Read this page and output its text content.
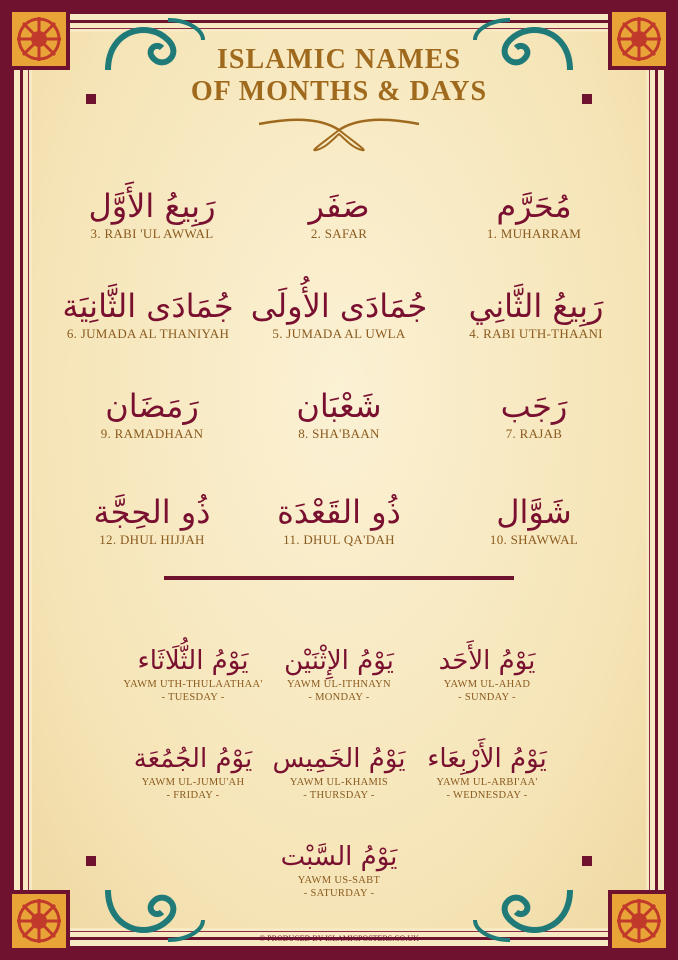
ISLAMIC NAMES
OF MONTHS & DAYS
رَبِيعُ الأَوَّل
3. RABI 'UL AWWAL
صَفَر
2. SAFAR
مُحَرَّم
1. MUHARRAM
جُمَادَى الثَّانِيَة
6. JUMADA AL THANIYAH
جُمَادَى الأُولَى
5. JUMADA AL UWLA
رَبِيعُ الثَّانِي
4. RABI UTH-THAANI
رَمَضَان
9. RAMADHAAN
شَعْبَان
8. SHA'BAAN
رَجَب
7. RAJAB
ذُو الحِجَّة
12. DHUL HIJJAH
ذُو القَعْدَة
11. DHUL QA'DAH
شَوَّال
10. SHAWWAL
يَوْمُ الثُّلَاثَاء
YAWM UTH-THULAATHAA'
- TUESDAY -
يَوْمُ الإِثْنَيْن
YAWM UL-ITHNAYN
- MONDAY -
يَوْمُ الأَحَد
YAWM UL-AHAD
- SUNDAY -
يَوْمُ الجُمُعَة
YAWM UL-JUMU'AH
- FRIDAY -
يَوْمُ الخَمِيس
YAWM UL-KHAMIS
- THURSDAY -
يَوْمُ الأَرْبِعَاء
YAWM UL-ARBI'AA'
- WEDNESDAY -
يَوْمُ السَّبْت
YAWM US-SABT
- SATURDAY -
© PRODUCED BY ISLAMICPOSTERS.CO.UK
